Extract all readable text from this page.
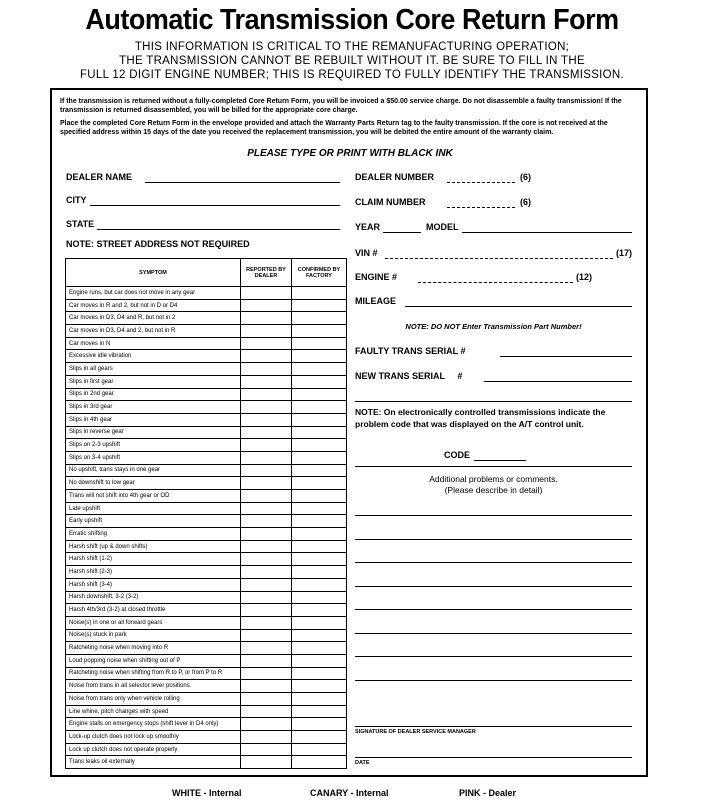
Automatic Transmission Core Return Form
THIS INFORMATION IS CRITICAL TO THE REMANUFACTURING OPERATION;
THE TRANSMISSION CANNOT BE REBUILT WITHOUT IT. BE SURE TO FILL IN THE
FULL 12 DIGIT ENGINE NUMBER; THIS IS REQUIRED TO FULLY IDENTIFY THE TRANSMISSION.
If the transmission is returned without a fully-completed Core Return Form, you will be invoiced a $50.00 service charge. Do not disassemble a faulty transmission! If the transmission is returned disassembled, you will be billed for the appropriate core charge.
Place the completed Core Return Form in the envelope provided and attach the Warranty Parts Return tag to the faulty transmission. If the core is not received at the specified address within 15 days of the date you received the replacement transmission, you will be debited the entire amount of the warranty claim.
PLEASE TYPE OR PRINT WITH BLACK INK
DEALER NAME
CITY
STATE
NOTE: STREET ADDRESS NOT REQUIRED
SYMPTOM	REPORTED BY DEALER	CONFIRMED BY FACTORY
Engine runs, but car does not move in any gear		
Car moves in R and 2, but not in D or D4		
Car moves in D3, D4 and R, but not in 2		
Car moves in D3, D4 and 2, but not in R		
Car moves in N		
Excessive idle vibration		
Slips in all gears		
Slips in first gear		
Slips in 2nd gear		
Slips in 3rd gear		
Slips in 4th gear		
Slips in reverse gear		
Slips on 2-3 upshift		
Slips on 3-4 upshift		
No upshift, trans stays in one gear		
No downshift to low gear		
Trans will not shift into 4th gear or OD		
Late upshift		
Early upshift		
Erratic shifting		
Harsh shift (up & down shifts)		
Harsh shift (1-2)		
Harsh shift (2-3)		
Harsh shift (3-4)		
Harsh downshift, 3-2 (3-2)		
Harsh 4th/3rd (3-2) at closed throttle		
Noise(s) in one or all forward gears		
Noise(s) stuck in park		
Ratcheting noise when moving into R		
Loud popping noise when shifting out of P		
Ratcheting noise when shifting from R to P, or from P to R		
Noise from trans in all selector lever positions		
Noise from trans only when vehicle rolling		
Line whine, pitch changes with speed		
Engine stalls on emergency stops (shift lever in D4 only)		
Lock-up clutch does not lock up smoothly		
Lock up clutch does not operate properly		
Trans leaks oil externally		
DEALER NUMBER	(6)
CLAIM NUMBER	(6)
YEAR	MODEL
VIN #	(17)
ENGINE #	(12)
MILEAGE
NOTE: DO NOT Enter Transmission Part Number!
FAULTY TRANS SERIAL #
NEW TRANS SERIAL     #
NOTE: On electronically controlled transmissions indicate the problem code that was displayed on the A/T control unit.
CODE
Additional problems or comments.
(Please describe in detail)
SIGNATURE OF DEALER SERVICE MANAGER
DATE
WHITE - Internal	CANARY - Internal	PINK - Dealer
